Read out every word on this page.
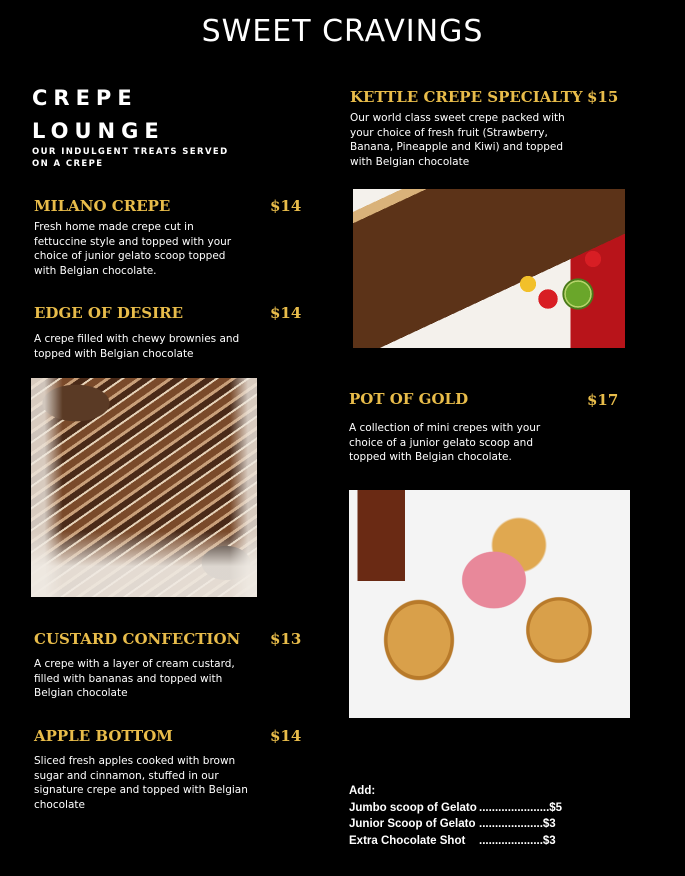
SWEET CRAVINGS
CREPE
LOUNGE
OUR INDULGENT TREATS SERVED ON A CREPE
MILANO CREPE	$14
Fresh home made crepe cut in fettuccine style and topped with your choice of junior gelato scoop topped with Belgian chocolate.
EDGE OF DESIRE	$14
A crepe filled with chewy brownies and topped with Belgian chocolate
CUSTARD CONFECTION $13
A crepe with a layer of cream custard, filled with bananas and topped with Belgian chocolate
APPLE BOTTOM	$14
Sliced fresh apples cooked with brown sugar and cinnamon, stuffed in our signature crepe and topped with Belgian chocolate
KETTLE CREPE SPECIALTY $15
Our world class sweet crepe packed with your choice of fresh fruit (Strawberry, Banana, Pineapple and Kiwi) and topped with Belgian chocolate
POT OF GOLD	$17
A collection of mini crepes with your choice of a junior gelato scoop and topped with Belgian chocolate.
Add:
Jumbo scoop of Gelato ......................$5
Junior Scoop of Gelato ....................$3
Extra Chocolate Shot ....................$3
